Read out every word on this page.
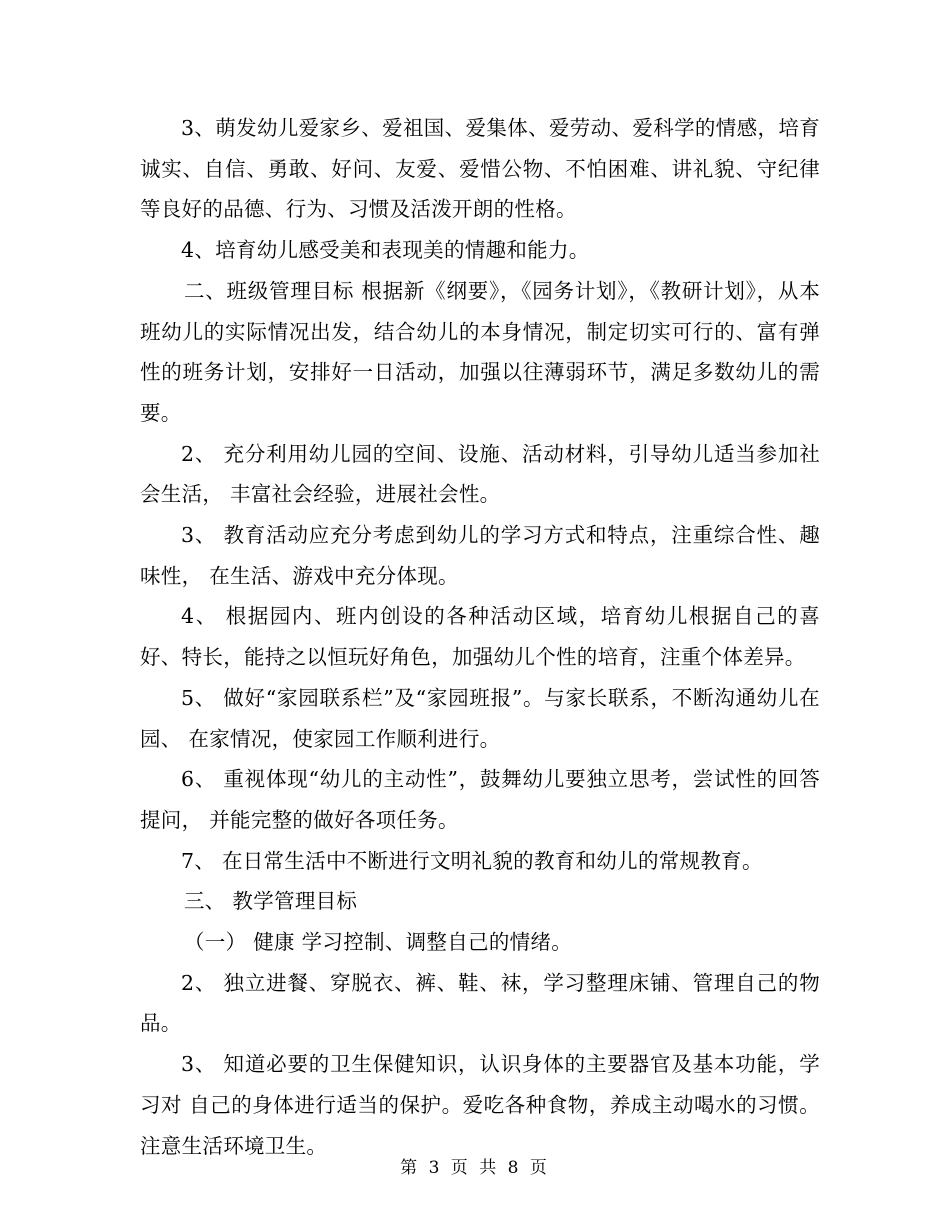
3、萌发幼儿爱家乡、爱祖国、爱集体、爱劳动、爱科学的情感，培育诚实、自信、勇敢、好问、友爱、爱惜公物、不怕困难、讲礼貌、守纪律等良好的品德、行为、习惯及活泼开朗的性格。

4、培育幼儿感受美和表现美的情趣和能力。

二、班级管理目标 根据新《纲要》，《园务计划》，《教研计划》，从本班幼儿的实际情况出发，结合幼儿的本身情况，制定切实可行的、富有弹性的班务计划，安排好一日活动，加强以往薄弱环节，满足多数幼儿的需要。

2、 充分利用幼儿园的空间、设施、活动材料，引导幼儿适当参加社会生活， 丰富社会经验，进展社会性。

3、 教育活动应充分考虑到幼儿的学习方式和特点，注重综合性、趣味性， 在生活、游戏中充分体现。

4、 根据园内、班内创设的各种活动区域，培育幼儿根据自己的喜好、特长，能持之以恒玩好角色，加强幼儿个性的培育，注重个体差异。

5、 做好“家园联系栏”及“家园班报”。与家长联系，不断沟通幼儿在园、 在家情况，使家园工作顺利进行。

6、 重视体现“幼儿的主动性”，鼓舞幼儿要独立思考，尝试性的回答提问， 并能完整的做好各项任务。

7、 在日常生活中不断进行文明礼貌的教育和幼儿的常规教育。

三、 教学管理目标

（一） 健康 学习控制、调整自己的情绪。

2、 独立进餐、穿脱衣、裤、鞋、袜，学习整理床铺、管理自己的物品。

3、 知道必要的卫生保健知识，认识身体的主要器官及基本功能，学习对 自己的身体进行适当的保护。爱吃各种食物，养成主动喝水的习惯。注意生活环境卫生。

第 3 页 共 8 页
